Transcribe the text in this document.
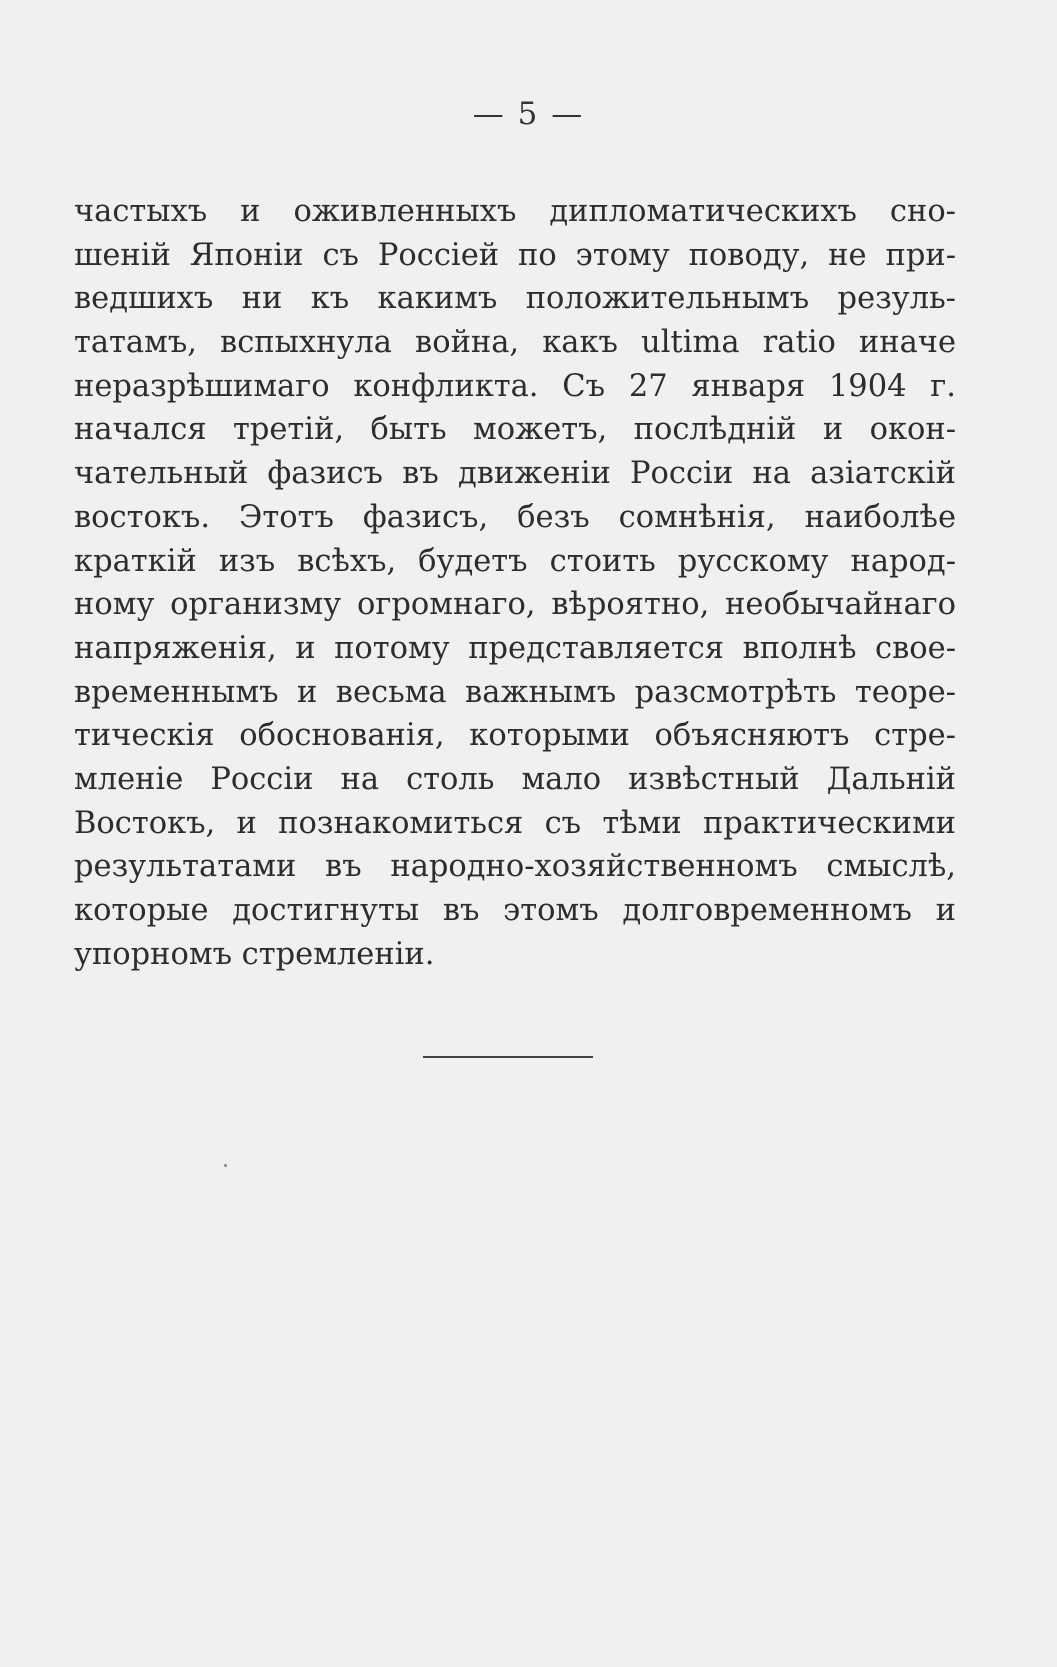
— 5 —
частыхъ и оживленныхъ дипломатическихъ сно-
шеній Японіи съ Россіей по этому поводу, не при-
ведшихъ ни къ какимъ положительнымъ резуль-
татамъ, вспыхнула война, какъ ultima ratio иначе
неразрѣшимаго конфликта. Съ 27 января 1904 г.
начался третій, быть можетъ, послѣдній и окон-
чательный фазисъ въ движеніи Россіи на азіатскій
востокъ. Этотъ фазисъ, безъ сомнѣнія, наиболѣе
краткій изъ всѣхъ, будетъ стоить русскому народ-
ному организму огромнаго, вѣроятно, необычайнаго
напряженія, и потому представляется вполнѣ свое-
временнымъ и весьма важнымъ разсмотрѣть теоре-
тическія обоснованія, которыми объясняютъ стре-
мленіе Россіи на столь мало извѣстный Дальній
Востокъ, и познакомиться съ тѣми практическими
результатами въ народно-хозяйственномъ смыслѣ,
которые достигнуты въ этомъ долговременномъ и
упорномъ стремленіи.
